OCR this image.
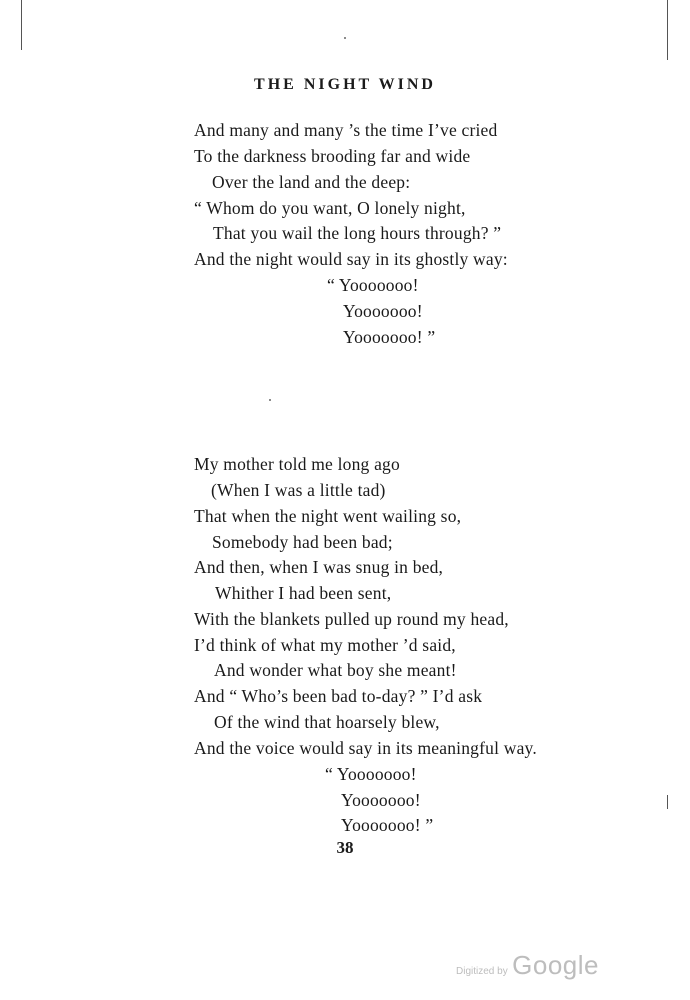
THE NIGHT WIND
And many and many ’s the time I’ve cried
To the darkness brooding far and wide
Over the land and the deep:
“ Whom do you want, O lonely night,
That you wail the long hours through? ”
And the night would say in its ghostly way:
“ Yooooooo!
Yooooooo!
Yooooooo! ”
My mother told me long ago
(When I was a little tad)
That when the night went wailing so,
Somebody had been bad;
And then, when I was snug in bed,
Whither I had been sent,
With the blankets pulled up round my head,
I’d think of what my mother ’d said,
And wonder what boy she meant!
And “ Who’s been bad to-day? ” I’d ask
Of the wind that hoarsely blew,
And the voice would say in its meaningful way.
“ Yooooooo!
Yooooooo!
Yooooooo! ”
38
Digitized by Google
